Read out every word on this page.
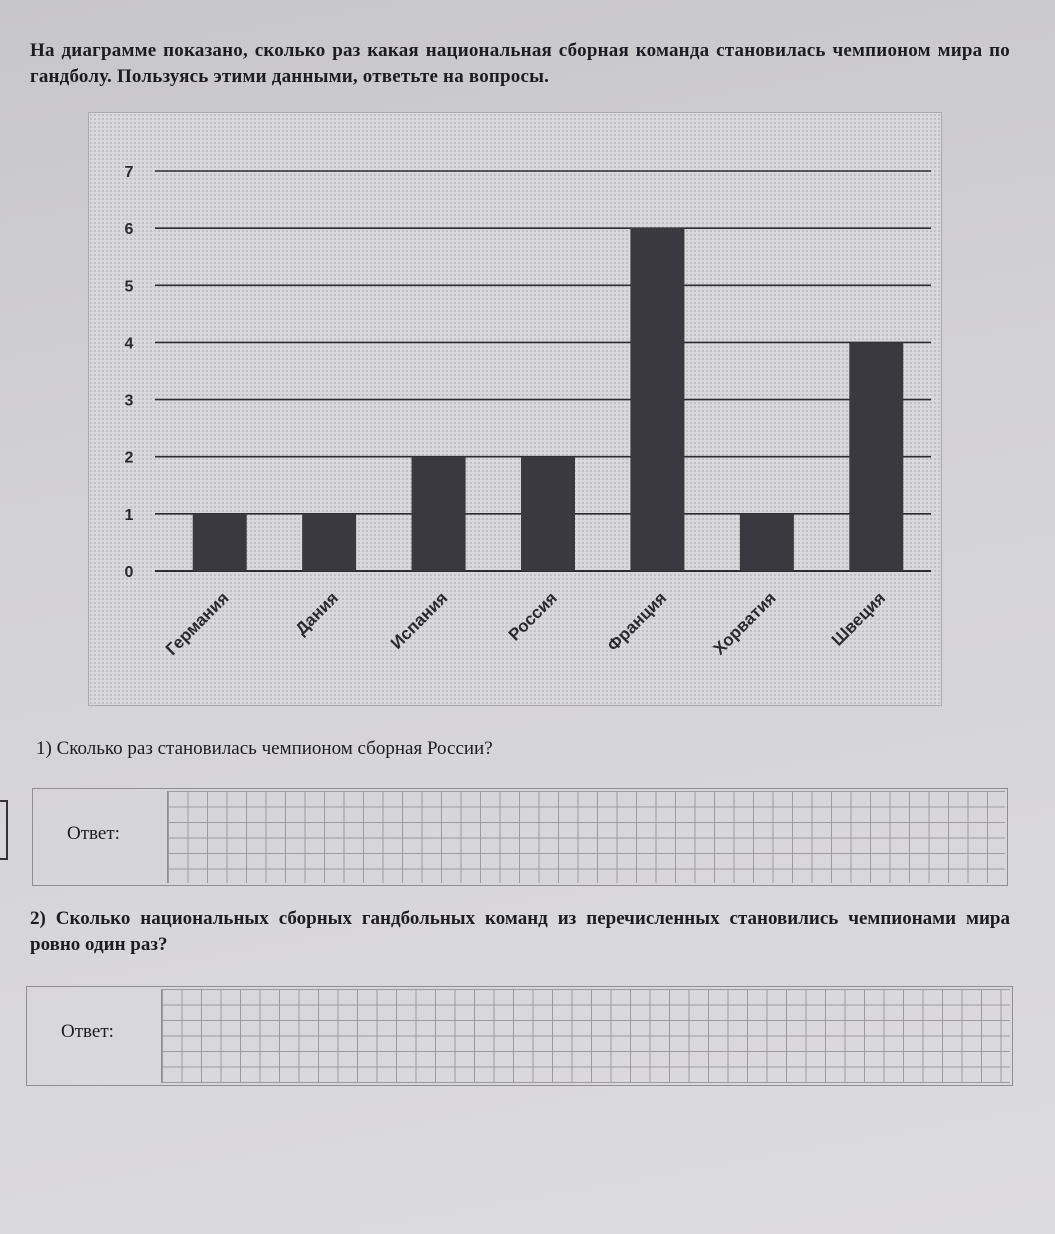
На диаграмме показано, сколько раз какая национальная сборная команда становилась чемпионом мира по гандболу. Пользуясь этими данными, ответьте на вопросы.
0
1
2
3
4
5
6
7
Германия	Дания	Испания	Россия	Франция Хорватия	Швеция
1) Сколько раз становилась чемпионом сборная России?
Ответ:
2) Сколько национальных сборных гандбольных команд из перечисленных становились чемпионами мира ровно один раз?
Ответ:
